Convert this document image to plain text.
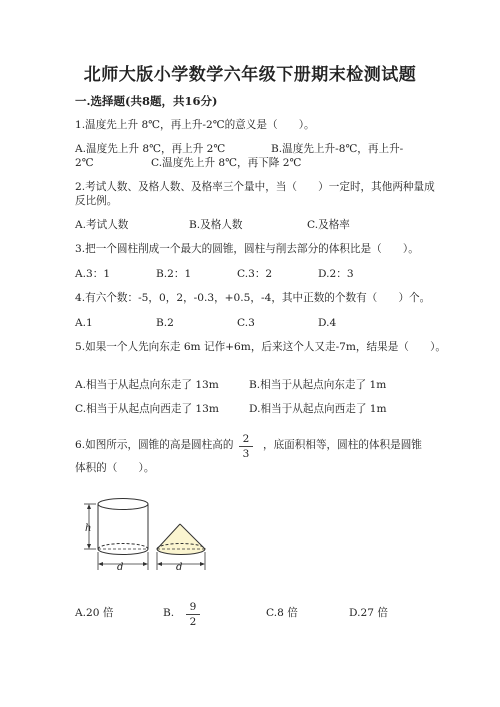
北师大版小学数学六年级下册期末检测试题
一.选择题(共8题，共16分)
1.温度先上升 8℃，再上升-2℃的意义是（　　）。
A.温度先上升 8℃，再上升 2℃	B.温度先上升-8℃，再上升-
2℃	C.温度先上升 8℃，再下降 2℃
2.考试人数、及格人数、及格率三个量中，当（　　）一定时，其他两种量成
反比例。
A.考试人数	B.及格人数	C.及格率
3.把一个圆柱削成一个最大的圆锥，圆柱与削去部分的体积比是（　　）。
A.3：1	B.2：1	C.3：2	D.2：3
4.有六个数：-5，0，2，-0.3，+0.5，-4，其中正数的个数有（　　）个。
A.1	B.2	C.3	D.4
5.如果一个人先向东走 6m 记作+6m，后来这个人又走-7m，结果是（　　）。
A.相当于从起点向东走了 13m	B.相当于从起点向东走了 1m
C.相当于从起点向西走了 13m	D.相当于从起点向西走了 1m
6.如图所示，圆锥的高是圆柱高的 2
3
，底面积相等，圆柱的体积是圆锥
体积的（　　）。
h
d	d
A.20 倍	B.	9
2
C.8 倍	D.27 倍
